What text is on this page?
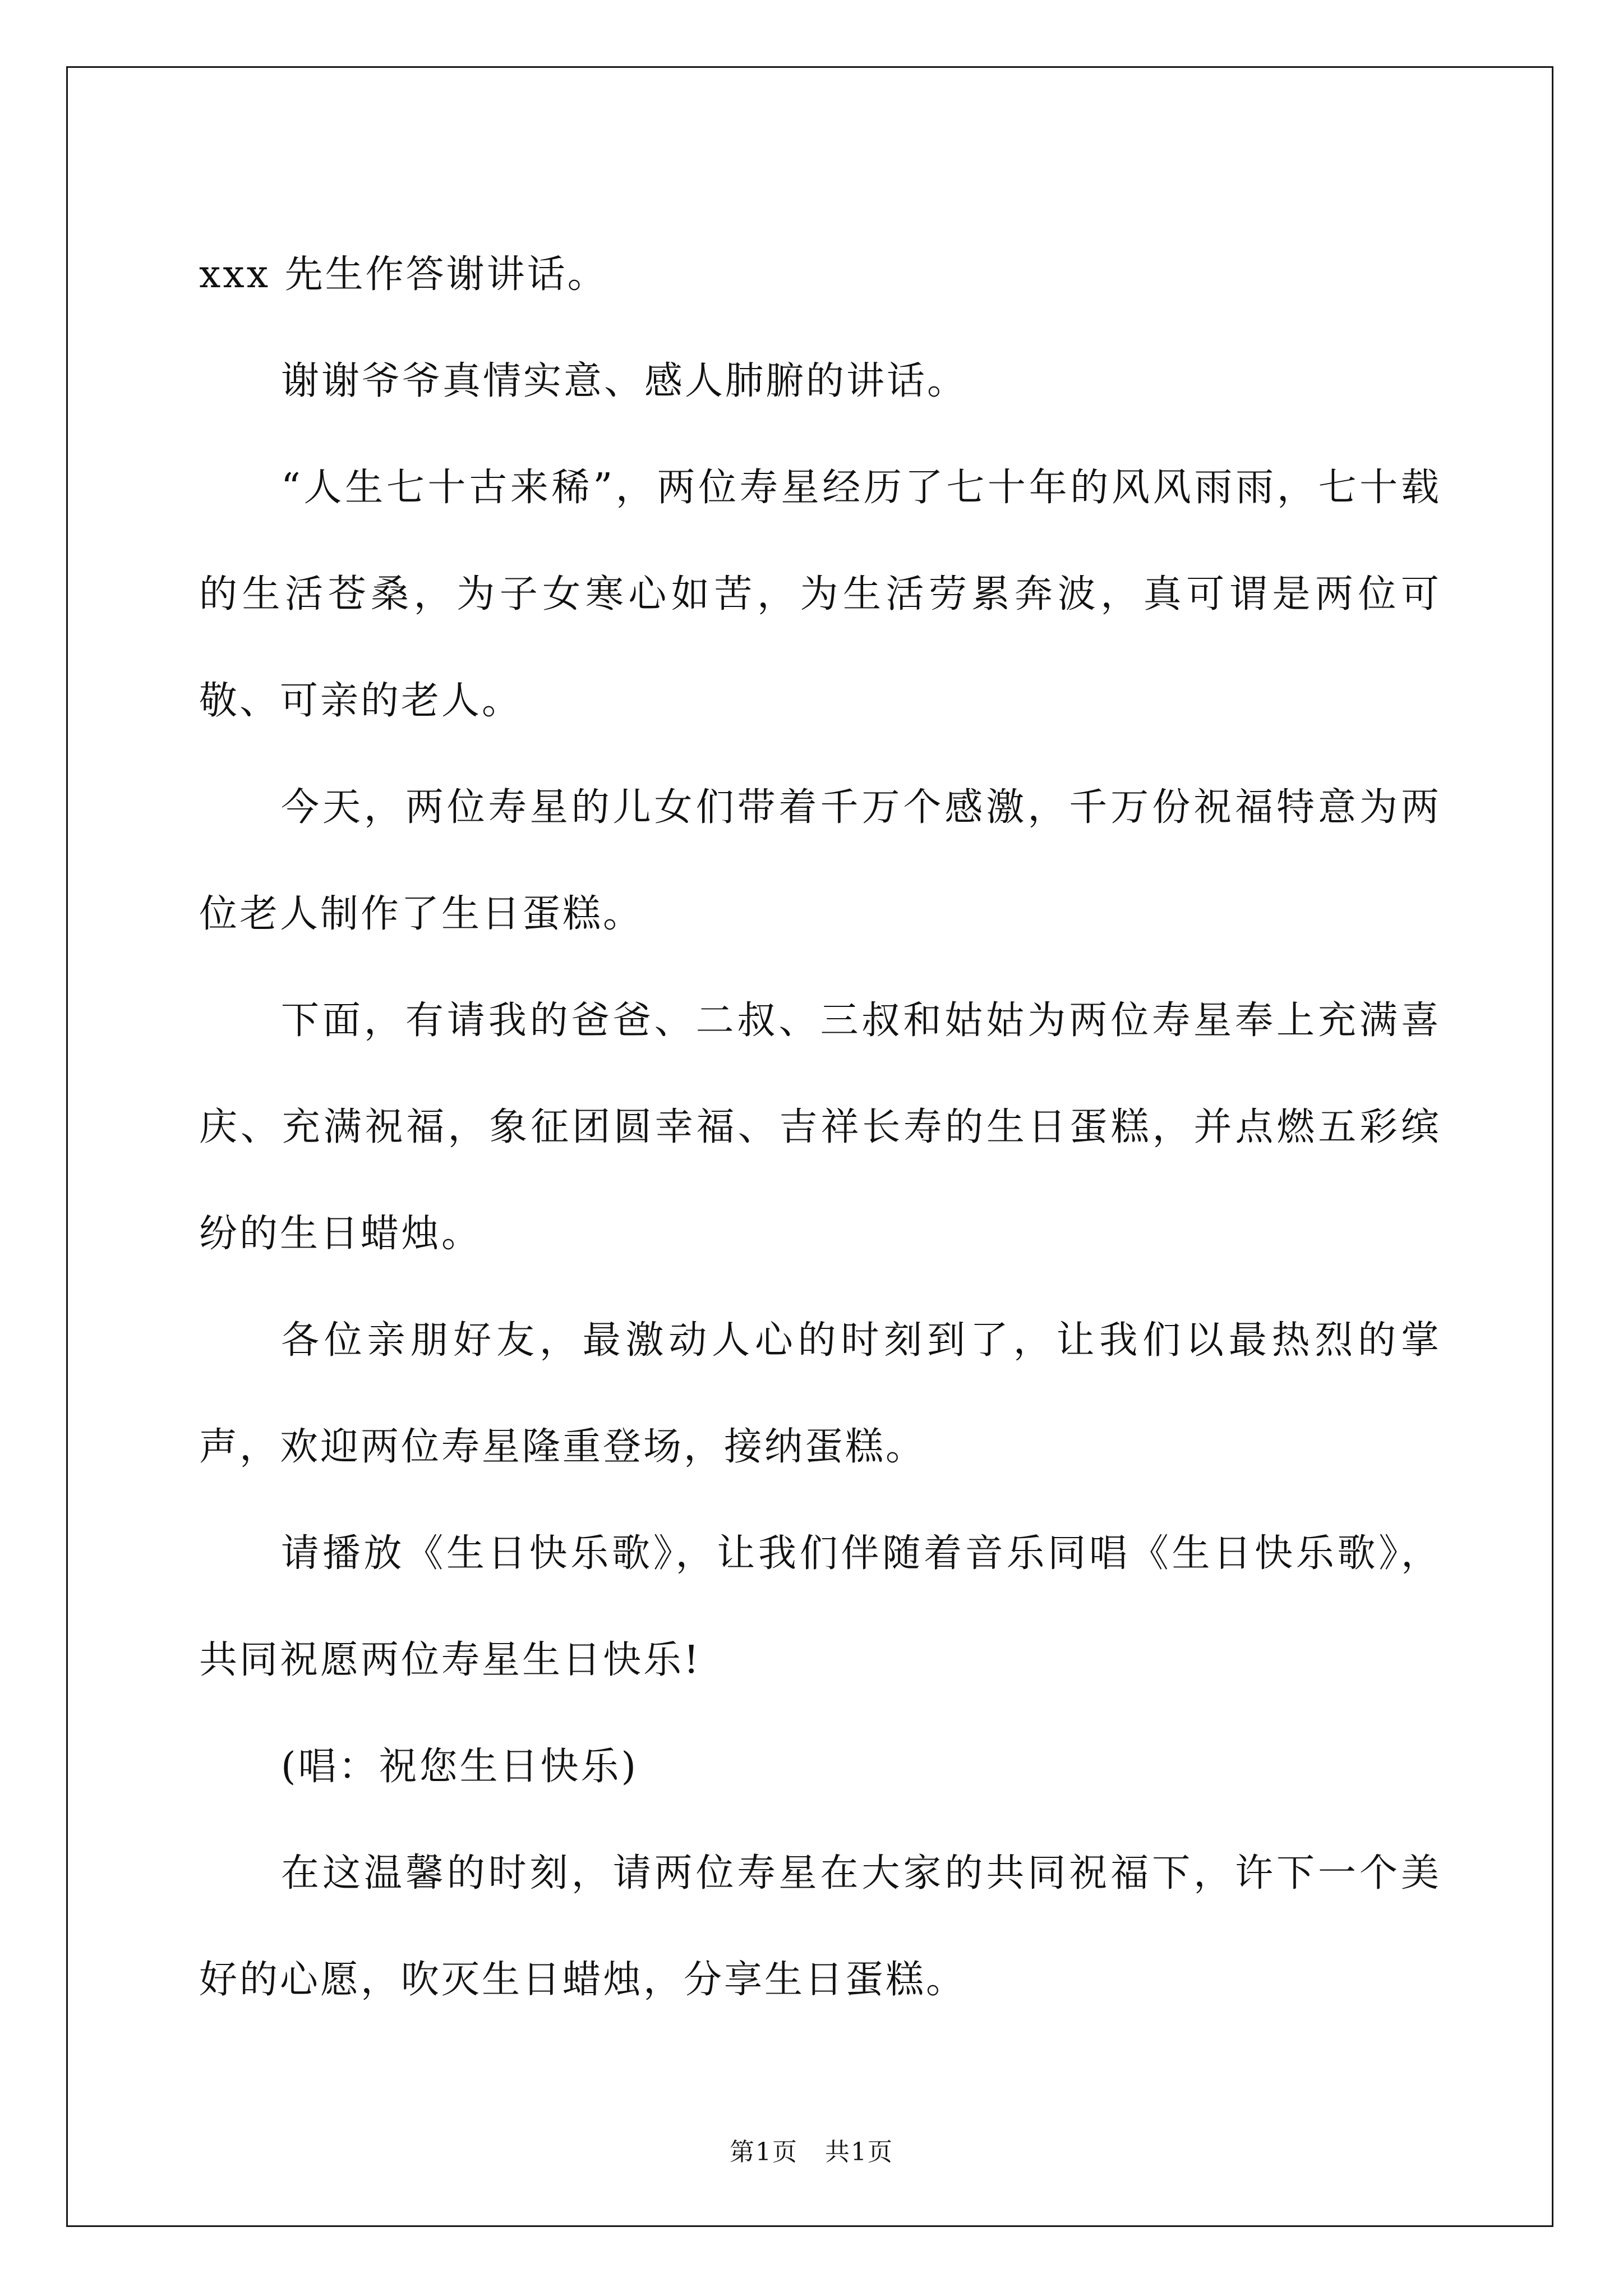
xxx 先生作答谢讲话。

谢谢爷爷真情实意、感人肺腑的讲话。

“人生七十古来稀”，两位寿星经历了七十年的风风雨雨，七十载的生活苍桑，为子女寒心如苦，为生活劳累奔波，真可谓是两位可敬、可亲的老人。

今天，两位寿星的儿女们带着千万个感激，千万份祝福特意为两位老人制作了生日蛋糕。

下面，有请我的爸爸、二叔、三叔和姑姑为两位寿星奉上充满喜庆、充满祝福，象征团圆幸福、吉祥长寿的生日蛋糕，并点燃五彩缤纷的生日蜡烛。

各位亲朋好友，最激动人心的时刻到了，让我们以最热烈的掌声，欢迎两位寿星隆重登场，接纳蛋糕。

请播放《生日快乐歌》，让我们伴随着音乐同唱《生日快乐歌》，共同祝愿两位寿星生日快乐!

(唱：祝您生日快乐)

在这温馨的时刻，请两位寿星在大家的共同祝福下，许下一个美好的心愿，吹灭生日蜡烛，分享生日蛋糕。

第1页 共1页
